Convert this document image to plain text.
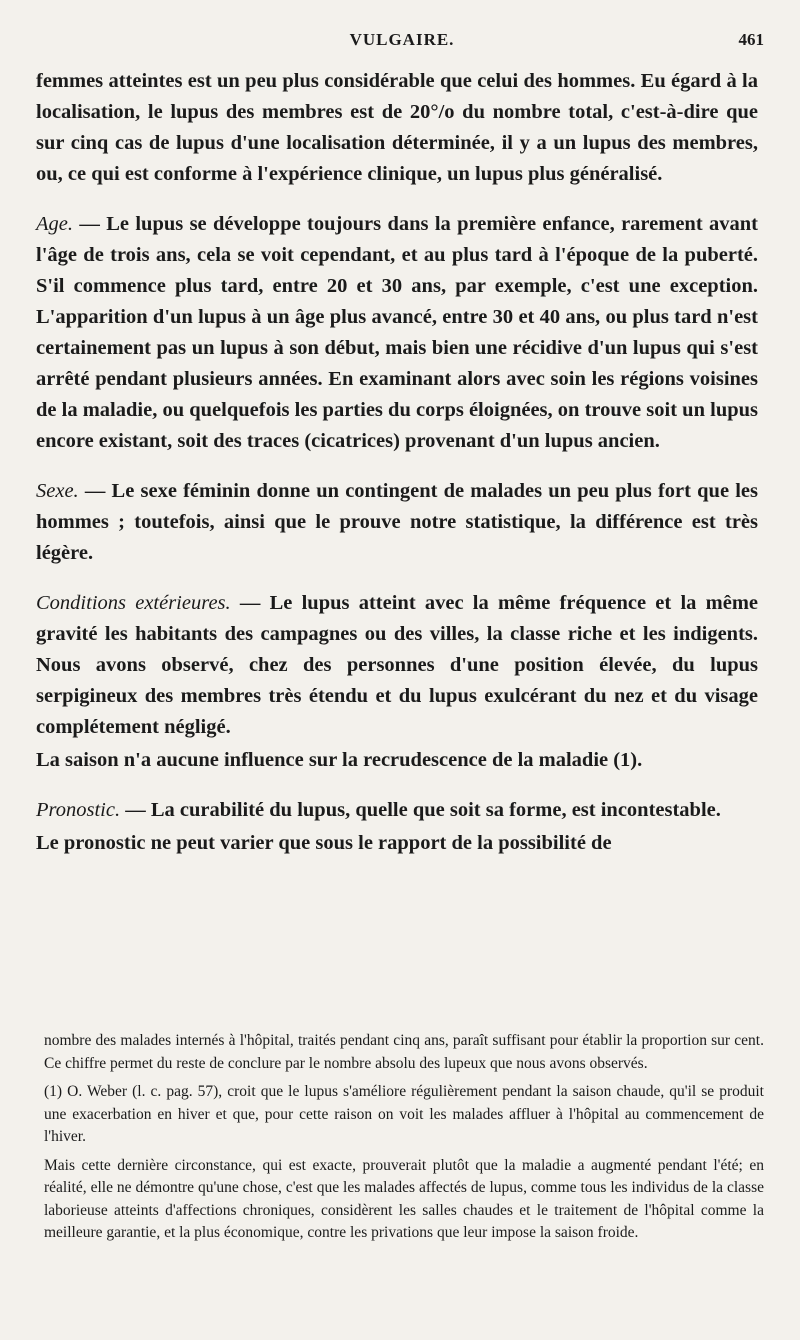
VULGAIRE.	461

femmes atteintes est un peu plus considérable que celui des hommes. Eu égard à la localisation, le lupus des membres est de 20°/o du nombre total, c'est-à-dire que sur cinq cas de lupus d'une localisation déterminée, il y a un lupus des membres, ou, ce qui est conforme à l'expérience clinique, un lupus plus généralisé.

Age. — Le lupus se développe toujours dans la première enfance, rarement avant l'âge de trois ans, cela se voit cependant, et au plus tard à l'époque de la puberté. S'il commence plus tard, entre 20 et 30 ans, par exemple, c'est une exception. L'apparition d'un lupus à un âge plus avancé, entre 30 et 40 ans, ou plus tard n'est certainement pas un lupus à son début, mais bien une récidive d'un lupus qui s'est arrêté pendant plusieurs années. En examinant alors avec soin les régions voisines de la maladie, ou quelquefois les parties du corps éloignées, on trouve soit un lupus encore existant, soit des traces (cicatrices) provenant d'un lupus ancien.

Sexe. — Le sexe féminin donne un contingent de malades un peu plus fort que les hommes ; toutefois, ainsi que le prouve notre statistique, la différence est très légère.

Conditions extérieures. — Le lupus atteint avec la même fréquence et la même gravité les habitants des campagnes ou des villes, la classe riche et les indigents. Nous avons observé, chez des personnes d'une position élevée, du lupus serpigineux des membres très étendu et du lupus exulcérant du nez et du visage complétement négligé.

La saison n'a aucune influence sur la recrudescence de la maladie (1).

Pronostic. — La curabilité du lupus, quelle que soit sa forme, est incontestable.

Le pronostic ne peut varier que sous le rapport de la possibilité de

nombre des malades internés à l'hôpital, traités pendant cinq ans, paraît suffisant pour établir la proportion sur cent. Ce chiffre permet du reste de conclure par le nombre absolu des lupeux que nous avons observés.

(1) O. Weber (l. c. pag. 57), croit que le lupus s'améliore régulièrement pendant la saison chaude, qu'il se produit une exacerbation en hiver et que, pour cette raison on voit les malades affluer à l'hôpital au commencement de l'hiver.

Mais cette dernière circonstance, qui est exacte, prouverait plutôt que la maladie a augmenté pendant l'été; en réalité, elle ne démontre qu'une chose, c'est que les malades affectés de lupus, comme tous les individus de la classe laborieuse atteints d'affections chroniques, considèrent les salles chaudes et le traitement de l'hôpital comme la meilleure garantie, et la plus économique, contre les privations que leur impose la saison froide.
